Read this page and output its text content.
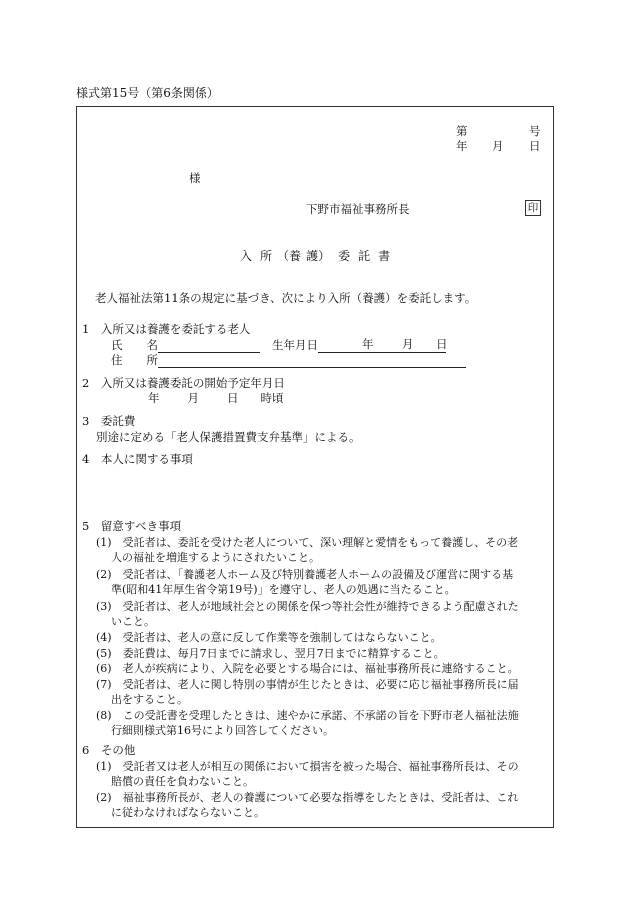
様式第15号（第6条関係）
第	号
年 月 日
様
下野市福祉事務所長	印
入 所 （養 護） 委 託 書
老人福祉法第11条の規定に基づき、次により入所（養護）を委託します。
1　入所又は養護を委託する老人
氏 名	生年月日	年 月 日
住 所
2　入所又は養護委託の開始予定年月日
年 月 日 時頃
3　委託費
別途に定める「老人保護措置費支弁基準」による。
4　本人に関する事項
5　留意すべき事項
(1)　受託者は、委託を受けた老人について、深い理解と愛情をもって養護し、その老
人の福祉を増進するようにされたいこと。
(2)　受託者は、「養護老人ホーム及び特別養護老人ホームの設備及び運営に関する基
準(昭和41年厚生省令第19号)」を遵守し、老人の処遇に当たること。
(3)　受託者は、老人が地域社会との関係を保つ等社会性が維持できるよう配慮された
いこと。
(4)　受託者は、老人の意に反して作業等を強制してはならないこと。
(5)　委託費は、毎月7日までに請求し、翌月7日までに精算すること。
(6)　老人が疾病により、入院を必要とする場合には、福祉事務所長に連絡すること。
(7)　受託者は、老人に関し特別の事情が生じたときは、必要に応じ福祉事務所長に届
出をすること。
(8)　この受託書を受理したときは、速やかに承諾、不承諾の旨を下野市老人福祉法施
行細則様式第16号により回答してください。
6　その他
(1)　受託者又は老人が相互の関係において損害を被った場合、福祉事務所長は、その
賠償の責任を負わないこと。
(2)　福祉事務所長が、老人の養護について必要な指導をしたときは、受託者は、これ
に従わなければならないこと。
